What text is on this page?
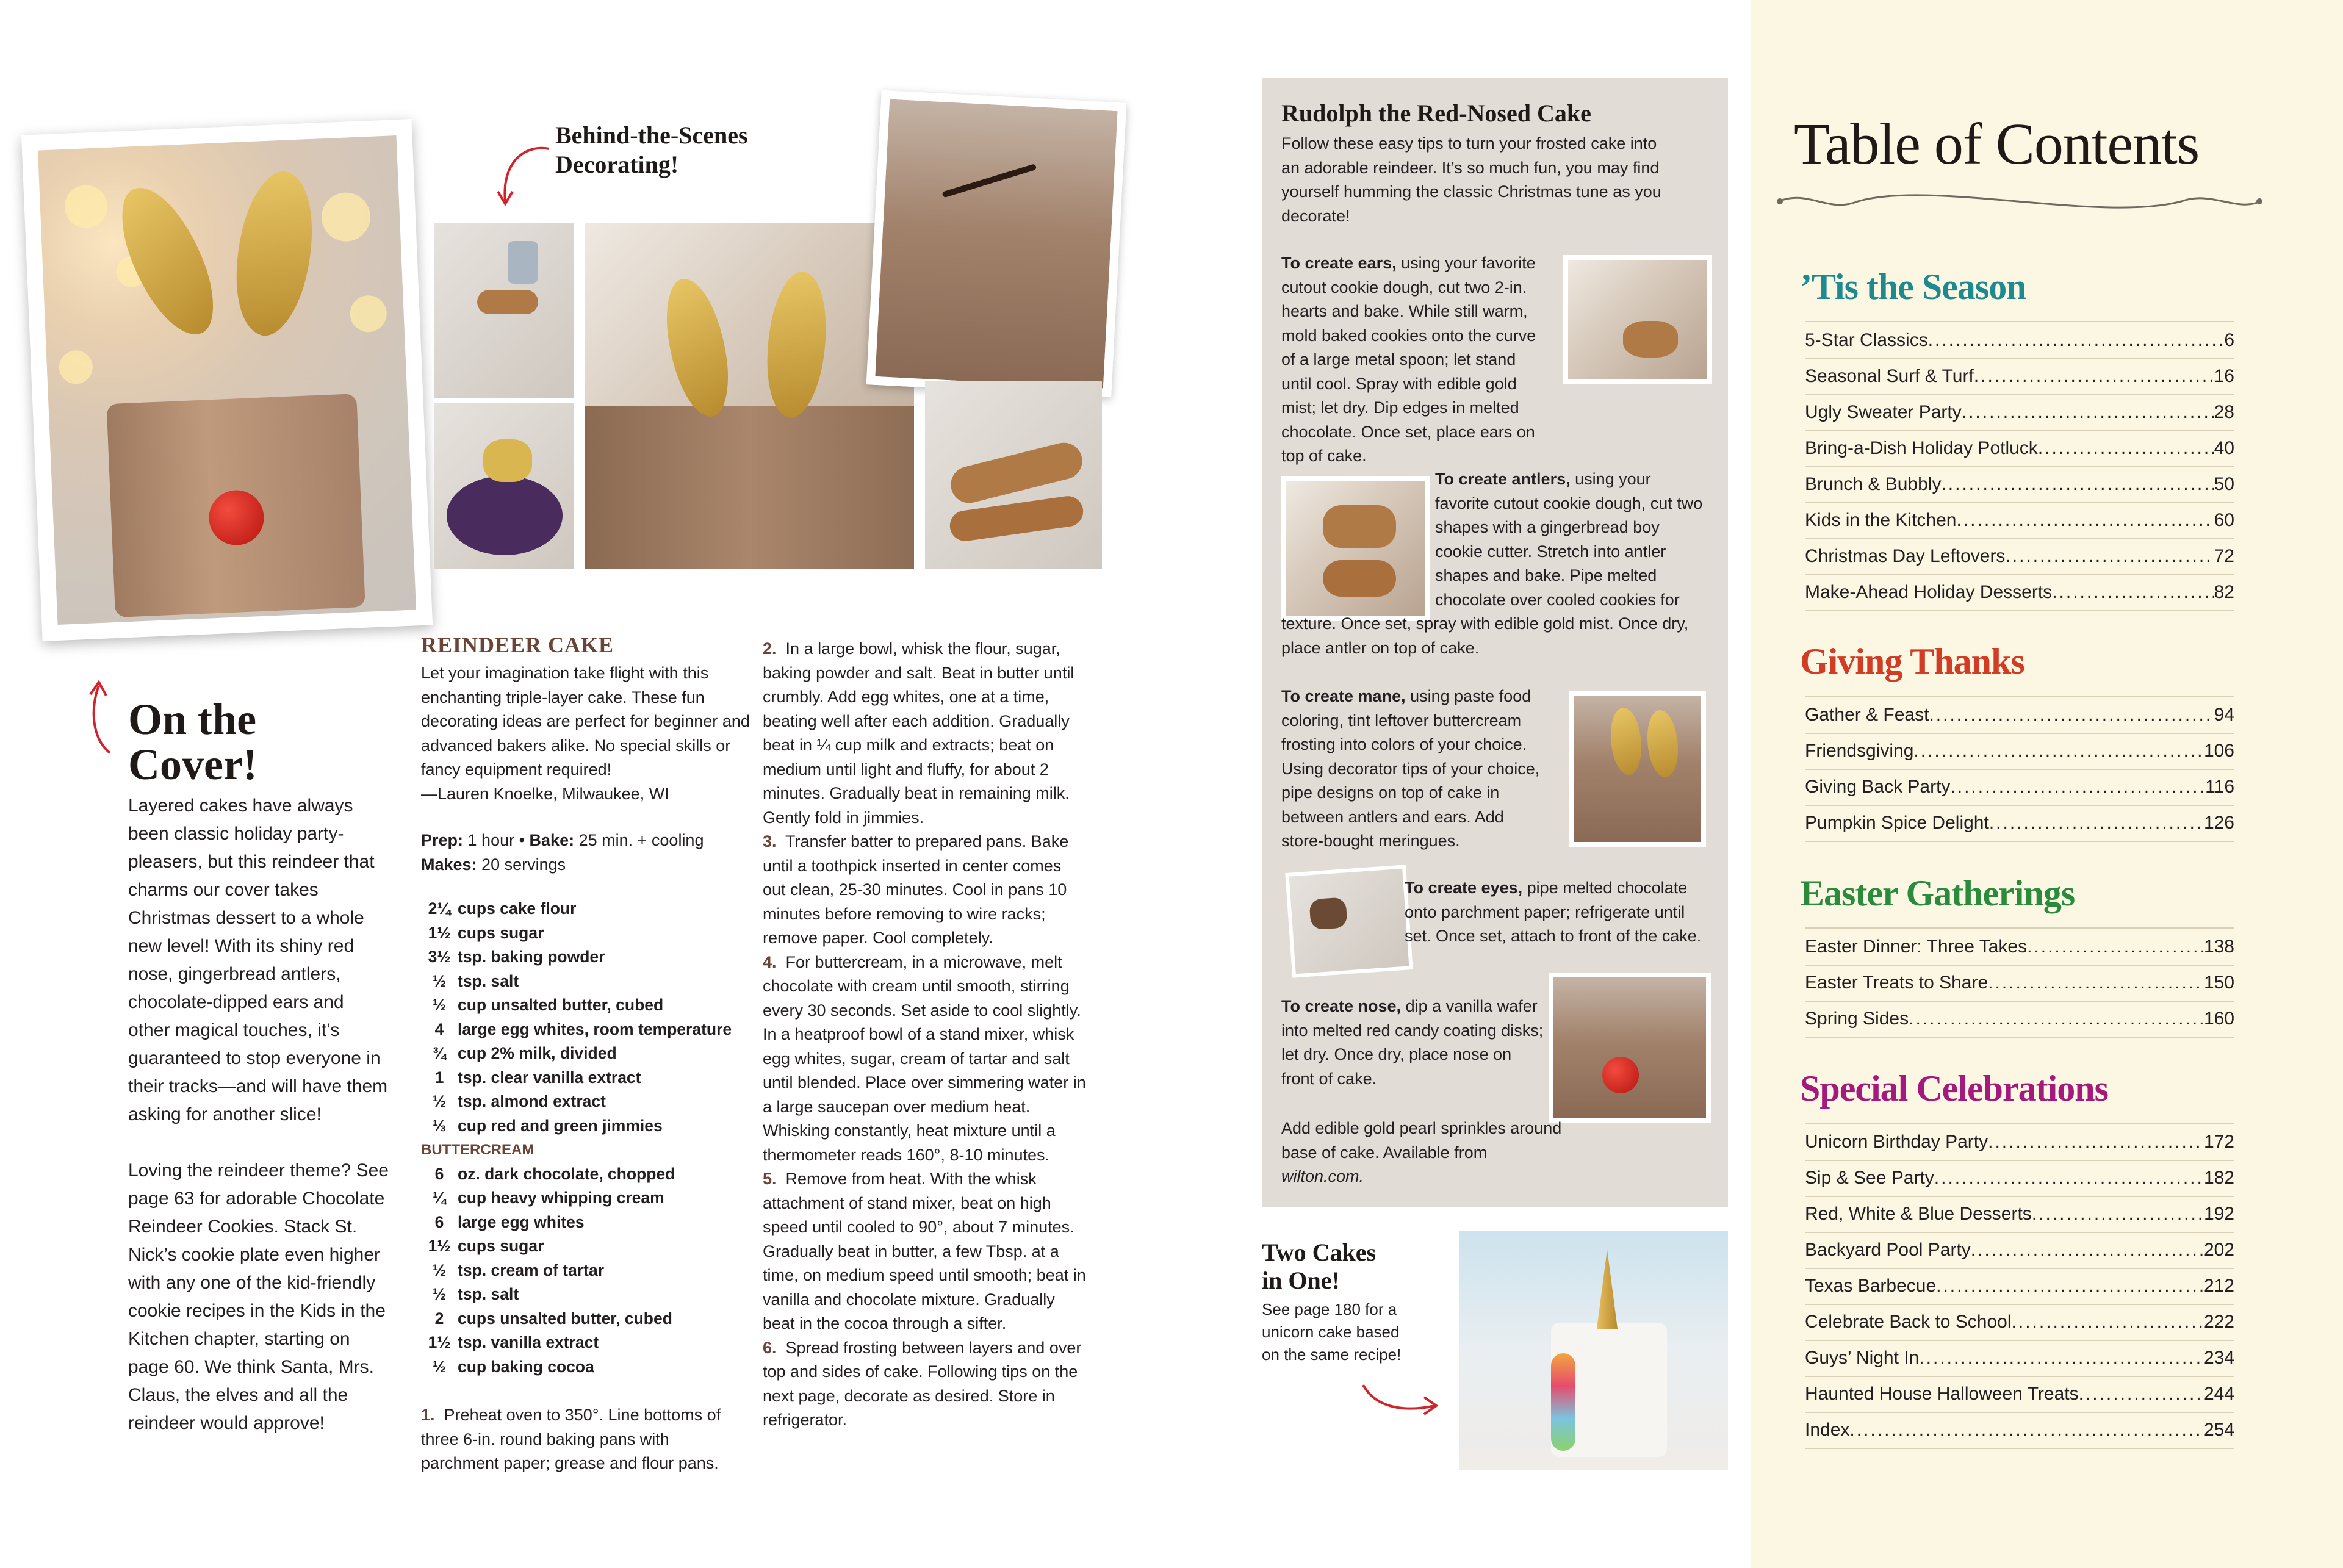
Behind-the-Scenes
Decorating!
On the
Cover!

Layered cakes have always been classic holiday party-pleasers, but this reindeer that charms our cover takes Christmas dessert to a whole new level! With its shiny red nose, gingerbread antlers, chocolate-dipped ears and other magical touches, it’s guaranteed to stop everyone in their tracks—and will have them asking for another slice!

Loving the reindeer theme? See page 63 for adorable Chocolate Reindeer Cookies. Stack St. Nick’s cookie plate even higher with any one of the kid-friendly cookie recipes in the Kids in the Kitchen chapter, starting on page 60. We think Santa, Mrs. Claus, the elves and all the reindeer would approve!

REINDEER CAKE
Let your imagination take flight with this enchanting triple-layer cake. These fun decorating ideas are perfect for beginner and advanced bakers alike. No special skills or fancy equipment required!
—Lauren Knoelke, Milwaukee, WI
Prep: 1 hour • Bake: 25 min. + cooling
Makes: 20 servings
2¼ cups cake flour
1½ cups sugar
3½ tsp. baking powder
½ tsp. salt
½ cup unsalted butter, cubed
4 large egg whites, room temperature
¾ cup 2% milk, divided
1 tsp. clear vanilla extract
½ tsp. almond extract
⅓ cup red and green jimmies
BUTTERCREAM
6 oz. dark chocolate, chopped
¼ cup heavy whipping cream
6 large egg whites
1½ cups sugar
½ tsp. cream of tartar
½ tsp. salt
2 cups unsalted butter, cubed
1½ tsp. vanilla extract
½ cup baking cocoa
1. Preheat oven to 350°. Line bottoms of three 6-in. round baking pans with parchment paper; grease and flour pans.
2. In a large bowl, whisk the flour, sugar, baking powder and salt. Beat in butter until crumbly. Add egg whites, one at a time, beating well after each addition. Gradually beat in ¼ cup milk and extracts; beat on medium until light and fluffy, for about 2 minutes. Gradually beat in remaining milk. Gently fold in jimmies.
3. Transfer batter to prepared pans. Bake until a toothpick inserted in center comes out clean, 25-30 minutes. Cool in pans 10 minutes before removing to wire racks; remove paper. Cool completely.
4. For buttercream, in a microwave, melt chocolate with cream until smooth, stirring every 30 seconds. Set aside to cool slightly. In a heatproof bowl of a stand mixer, whisk egg whites, sugar, cream of tartar and salt until blended. Place over simmering water in a large saucepan over medium heat. Whisking constantly, heat mixture until a thermometer reads 160°, 8-10 minutes.
5. Remove from heat. With the whisk attachment of stand mixer, beat on high speed until cooled to 90°, about 7 minutes. Gradually beat in butter, a few Tbsp. at a time, on medium speed until smooth; beat in vanilla and chocolate mixture. Gradually beat in the cocoa through a sifter.
6. Spread frosting between layers and over top and sides of cake. Following tips on the next page, decorate as desired. Store in refrigerator.
Rudolph the Red-Nosed Cake
Follow these easy tips to turn your frosted cake into an adorable reindeer. It’s so much fun, you may find yourself humming the classic Christmas tune as you decorate!
To create ears, using your favorite cutout cookie dough, cut two 2-in. hearts and bake. While still warm, mold baked cookies onto the curve of a large metal spoon; let stand until cool. Spray with edible gold mist; let dry. Dip edges in melted chocolate. Once set, place ears on top of cake.
To create antlers, using your favorite cutout cookie dough, cut two shapes with a gingerbread boy cookie cutter. Stretch into antler shapes and bake. Pipe melted chocolate over cooled cookies for texture. Once set, spray with edible gold mist. Once dry, place antler on top of cake.
To create mane, using paste food coloring, tint leftover buttercream frosting into colors of your choice. Using decorator tips of your choice, pipe designs on top of cake in between antlers and ears. Add store-bought meringues.
To create eyes, pipe melted chocolate onto parchment paper; refrigerate until set. Once set, attach to front of the cake.
To create nose, dip a vanilla wafer into melted red candy coating disks; let dry. Once dry, place nose on front of cake.
Add edible gold pearl sprinkles around base of cake. Available from wilton.com.
Two Cakes
in One!
See page 180 for a unicorn cake based on the same recipe!
Table of Contents
’Tis the Season
5-Star Classics .....	6
Seasonal Surf & Turf .....	16
Ugly Sweater Party .....	28
Bring-a-Dish Holiday Potluck .....	40
Brunch & Bubbly .....	50
Kids in the Kitchen .....	60
Christmas Day Leftovers .....	72
Make-Ahead Holiday Desserts .....	82
Giving Thanks
Gather & Feast .....	94
Friendsgiving .....	106
Giving Back Party .....	116
Pumpkin Spice Delight .....	126
Easter Gatherings
Easter Dinner: Three Takes .....	138
Easter Treats to Share .....	150
Spring Sides .....	160
Special Celebrations
Unicorn Birthday Party .....	172
Sip & See Party .....	182
Red, White & Blue Desserts .....	192
Backyard Pool Party .....	202
Texas Barbecue .....	212
Celebrate Back to School .....	222
Guys’ Night In .....	234
Haunted House Halloween Treats .....	244
Index .....	254
